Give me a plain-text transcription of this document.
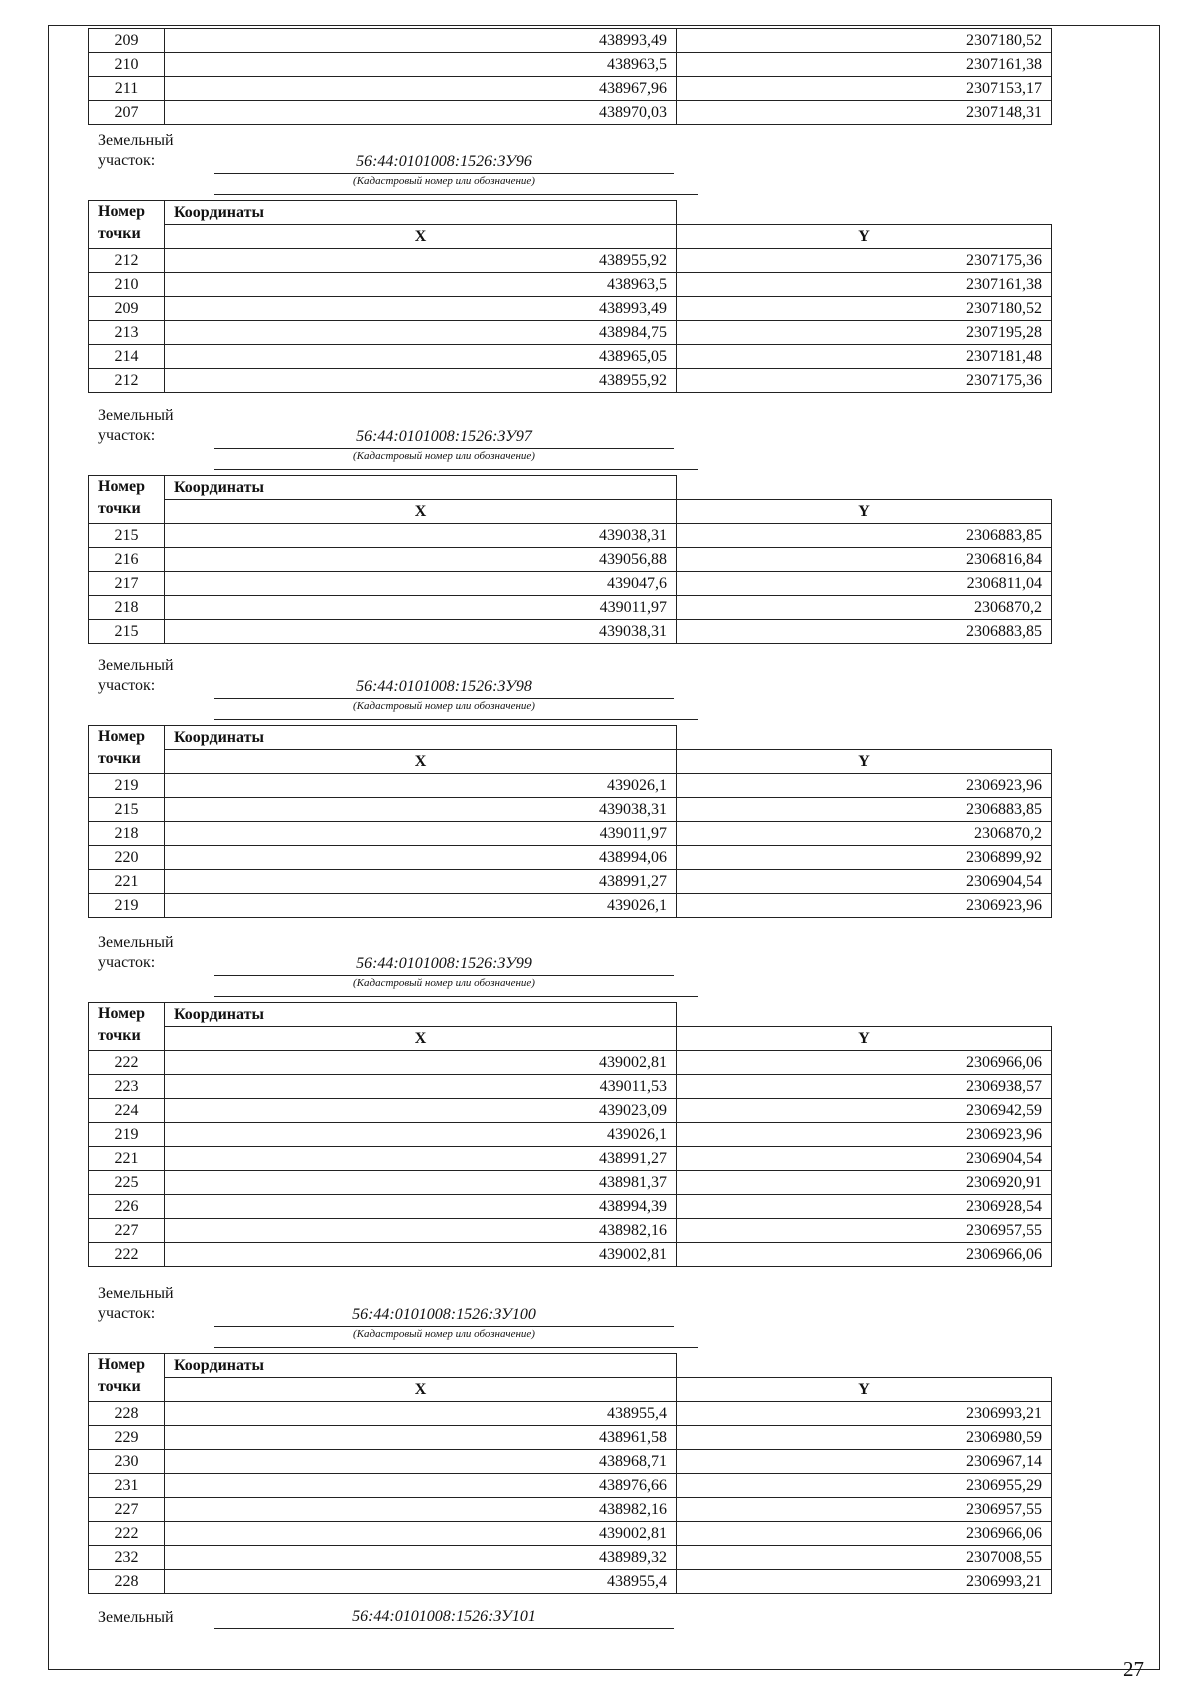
209	438993,49	2307180,52
210	438963,5	2307161,38
211	438967,96	2307153,17
207	438970,03	2307148,31
Земельный
участок:	56:44:0101008:1526:ЗУ96
(Кадастровый номер или обозначение)
Номер
точки	Координаты	
	X	Y
212	438955,92	2307175,36
210	438963,5	2307161,38
209	438993,49	2307180,52
213	438984,75	2307195,28
214	438965,05	2307181,48
212	438955,92	2307175,36
Земельный
участок:	56:44:0101008:1526:ЗУ97
(Кадастровый номер или обозначение)
Номер
точки	Координаты	
	X	Y
215	439038,31	2306883,85
216	439056,88	2306816,84
217	439047,6	2306811,04
218	439011,97	2306870,2
215	439038,31	2306883,85
Земельный
участок:	56:44:0101008:1526:ЗУ98
(Кадастровый номер или обозначение)
Номер
точки	Координаты	
	X	Y
219	439026,1	2306923,96
215	439038,31	2306883,85
218	439011,97	2306870,2
220	438994,06	2306899,92
221	438991,27	2306904,54
219	439026,1	2306923,96
Земельный
участок:	56:44:0101008:1526:ЗУ99
(Кадастровый номер или обозначение)
Номер
точки	Координаты	
	X	Y
222	439002,81	2306966,06
223	439011,53	2306938,57
224	439023,09	2306942,59
219	439026,1	2306923,96
221	438991,27	2306904,54
225	438981,37	2306920,91
226	438994,39	2306928,54
227	438982,16	2306957,55
222	439002,81	2306966,06
Земельный
участок:	56:44:0101008:1526:ЗУ100
(Кадастровый номер или обозначение)
Номер
точки	Координаты	
	X	Y
228	438955,4	2306993,21
229	438961,58	2306980,59
230	438968,71	2306967,14
231	438976,66	2306955,29
227	438982,16	2306957,55
222	439002,81	2306966,06
232	438989,32	2307008,55
228	438955,4	2306993,21
Земельный	56:44:0101008:1526:ЗУ101
27
